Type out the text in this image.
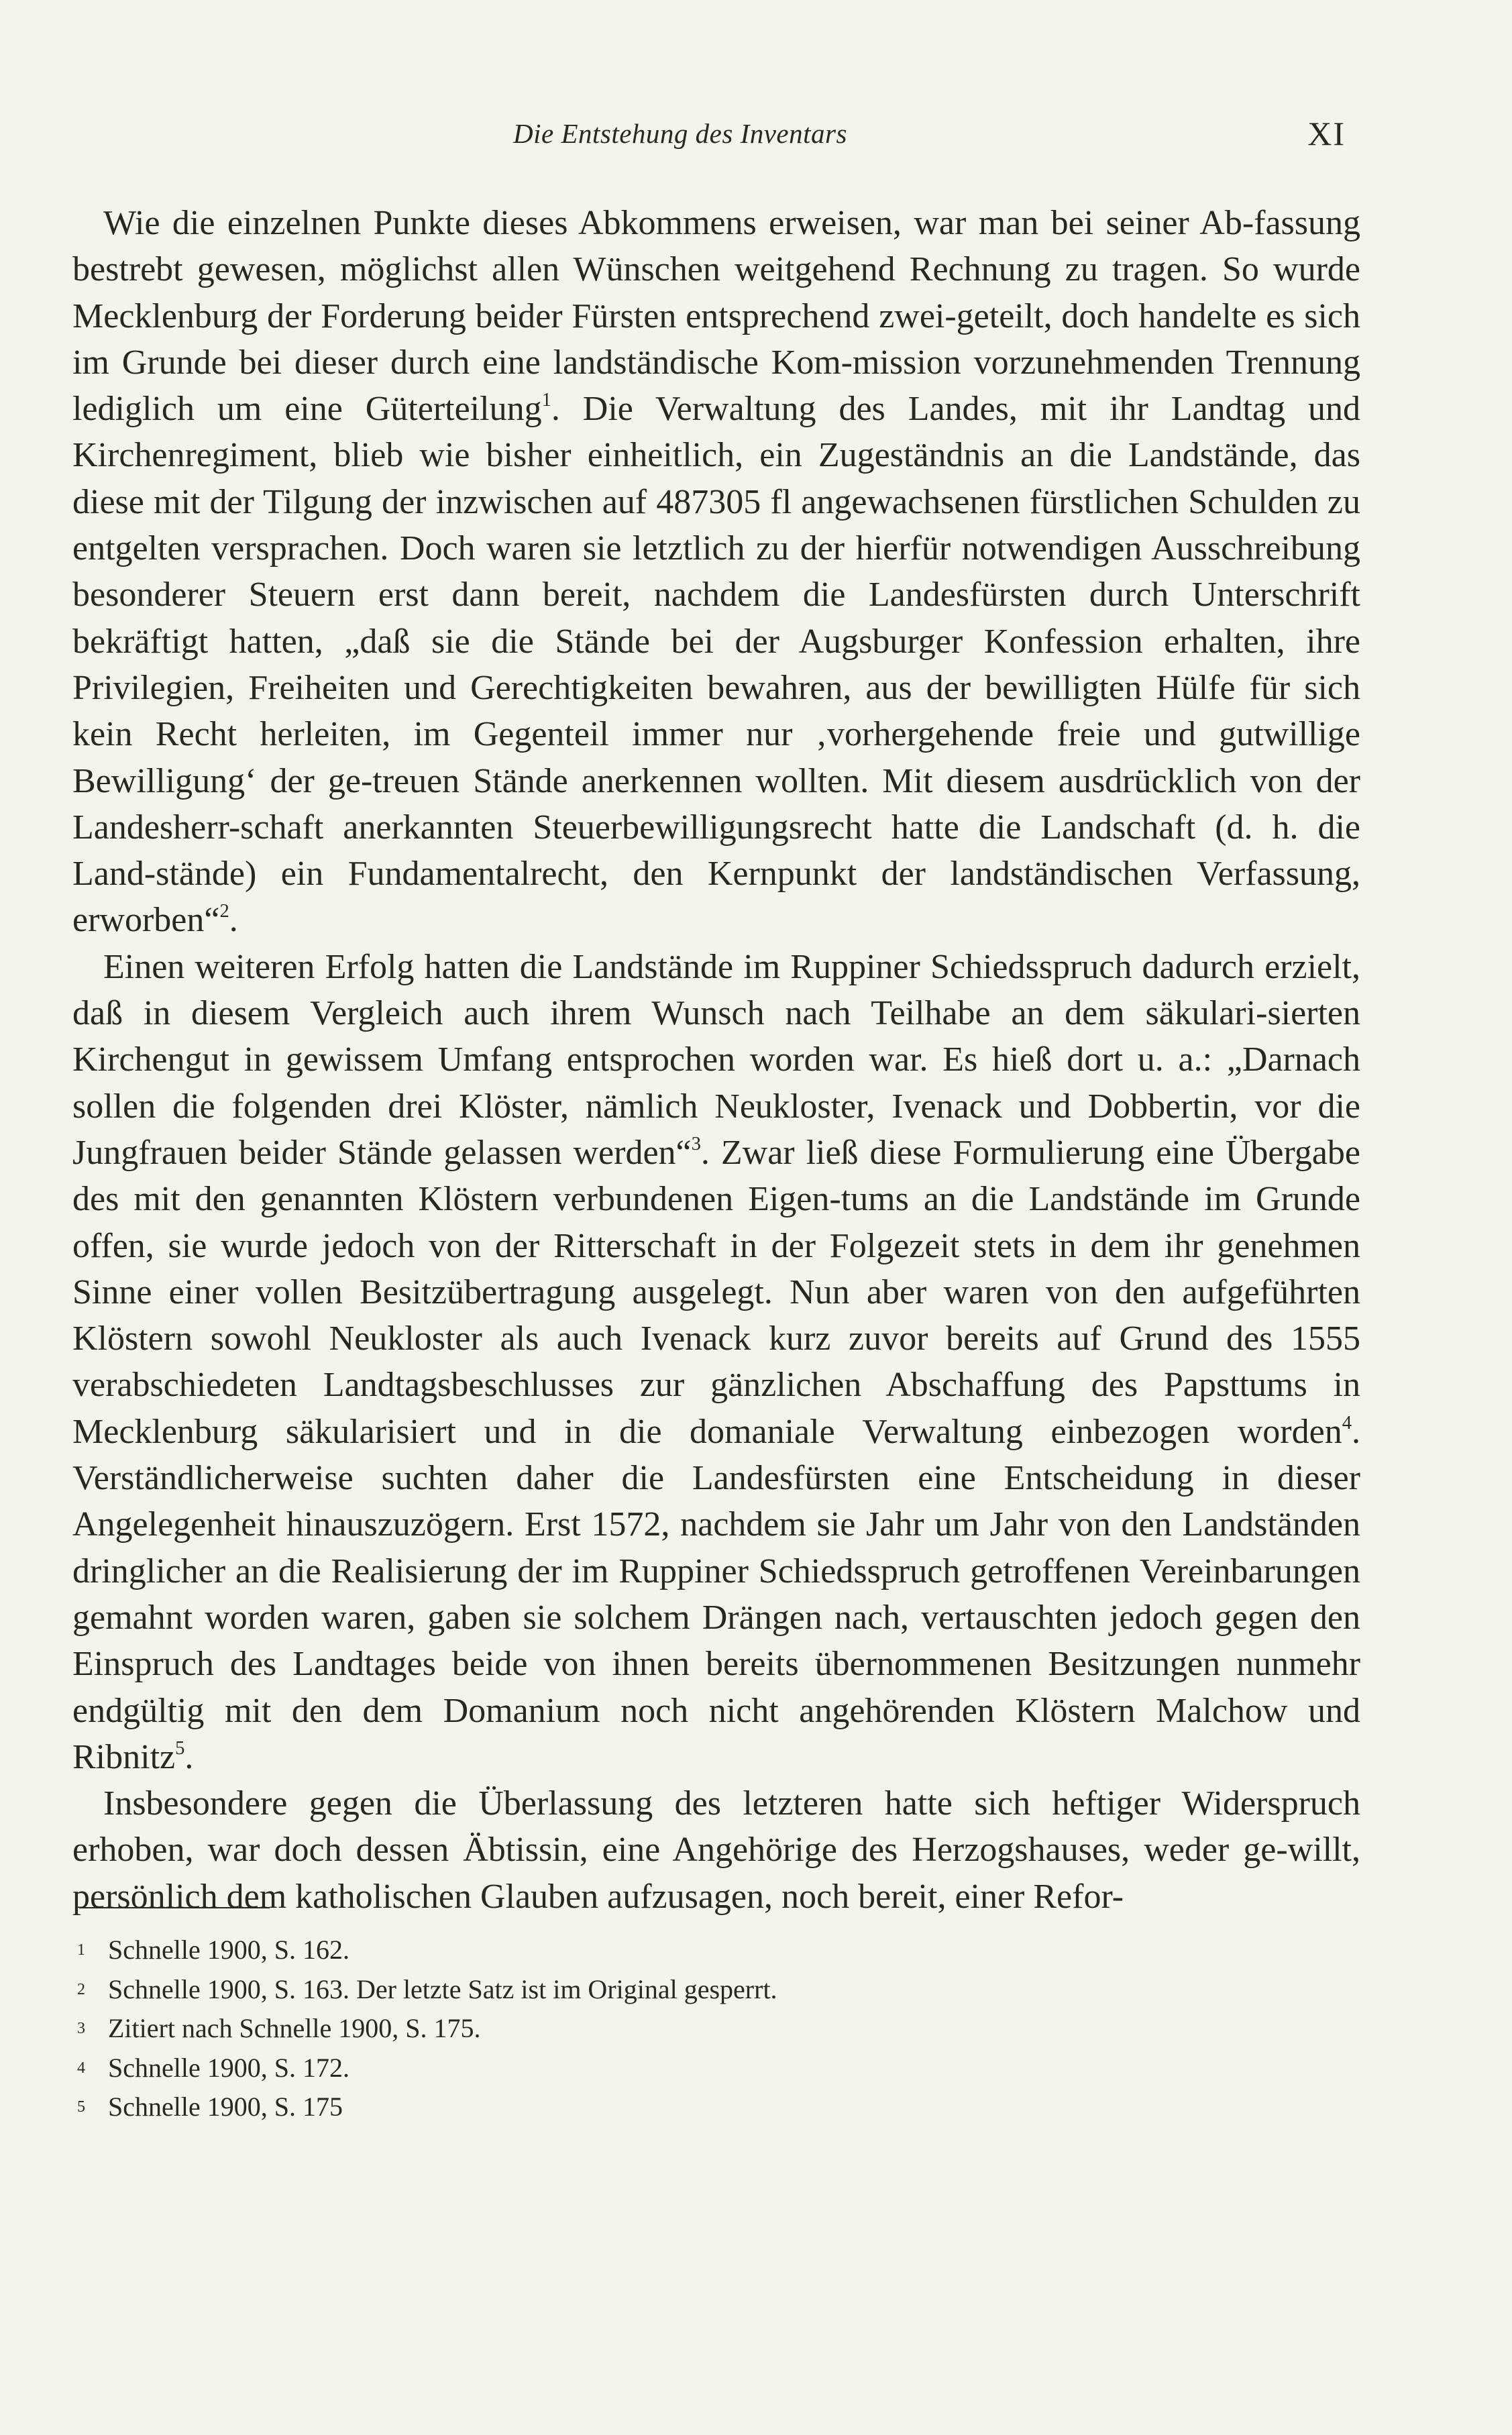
Die Entstehung des Inventars	XI

Wie die einzelnen Punkte dieses Abkommens erweisen, war man bei seiner Ab-fassung bestrebt gewesen, möglichst allen Wünschen weitgehend Rechnung zu tragen. So wurde Mecklenburg der Forderung beider Fürsten entsprechend zwei-geteilt, doch handelte es sich im Grunde bei dieser durch eine landständische Kom-mission vorzunehmenden Trennung lediglich um eine Güterteilung$^1$. Die Verwaltung des Landes, mit ihr Landtag und Kirchenregiment, blieb wie bisher einheitlich, ein Zugeständnis an die Landstände, das diese mit der Tilgung der inzwischen auf 487305 fl angewachsenen fürstlichen Schulden zu entgelten versprachen. Doch waren sie letztlich zu der hierfür notwendigen Ausschreibung besonderer Steuern erst dann bereit, nachdem die Landesfürsten durch Unterschrift bekräftigt hatten, „daß sie die Stände bei der Augsburger Konfession erhalten, ihre Privilegien, Freiheiten und Gerechtigkeiten bewahren, aus der bewilligten Hülfe für sich kein Recht herleiten, im Gegenteil immer nur ‚vorhergehende freie und gutwillige Bewilligung‘ der ge-treuen Stände anerkennen wollten. Mit diesem ausdrücklich von der Landesherr-schaft anerkannten Steuerbewilligungsrecht hatte die Landschaft (d. h. die Land-stände) ein Fundamentalrecht, den Kernpunkt der landständischen Verfassung, erworben“$^2$.

Einen weiteren Erfolg hatten die Landstände im Ruppiner Schiedsspruch dadurch erzielt, daß in diesem Vergleich auch ihrem Wunsch nach Teilhabe an dem säkulari-sierten Kirchengut in gewissem Umfang entsprochen worden war. Es hieß dort u. a.: „Darnach sollen die folgenden drei Klöster, nämlich Neukloster, Ivenack und Dobbertin, vor die Jungfrauen beider Stände gelassen werden“$^3$. Zwar ließ diese Formulierung eine Übergabe des mit den genannten Klöstern verbundenen Eigen-tums an die Landstände im Grunde offen, sie wurde jedoch von der Ritterschaft in der Folgezeit stets in dem ihr genehmen Sinne einer vollen Besitzübertragung ausgelegt. Nun aber waren von den aufgeführten Klöstern sowohl Neukloster als auch Ivenack kurz zuvor bereits auf Grund des 1555 verabschiedeten Landtagsbeschlusses zur gänzlichen Abschaffung des Papsttums in Mecklenburg säkularisiert und in die domaniale Verwaltung einbezogen worden$^4$. Verständlicherweise suchten daher die Landesfürsten eine Entscheidung in dieser Angelegenheit hinauszuzögern. Erst 1572, nachdem sie Jahr um Jahr von den Landständen dringlicher an die Realisierung der im Ruppiner Schiedsspruch getroffenen Vereinbarungen gemahnt worden waren, gaben sie solchem Drängen nach, vertauschten jedoch gegen den Einspruch des Landtages beide von ihnen bereits übernommenen Besitzungen nunmehr endgültig mit den dem Domanium noch nicht angehörenden Klöstern Malchow und Ribnitz$^5$.

Insbesondere gegen die Überlassung des letzteren hatte sich heftiger Widerspruch erhoben, war doch dessen Äbtissin, eine Angehörige des Herzogshauses, weder ge-willt, persönlich dem katholischen Glauben aufzusagen, noch bereit, einer Refor-

1 Schnelle 1900, S. 162.
2 Schnelle 1900, S. 163. Der letzte Satz ist im Original gesperrt.
3 Zitiert nach Schnelle 1900, S. 175.
4 Schnelle 1900, S. 172.
5 Schnelle 1900, S. 175
